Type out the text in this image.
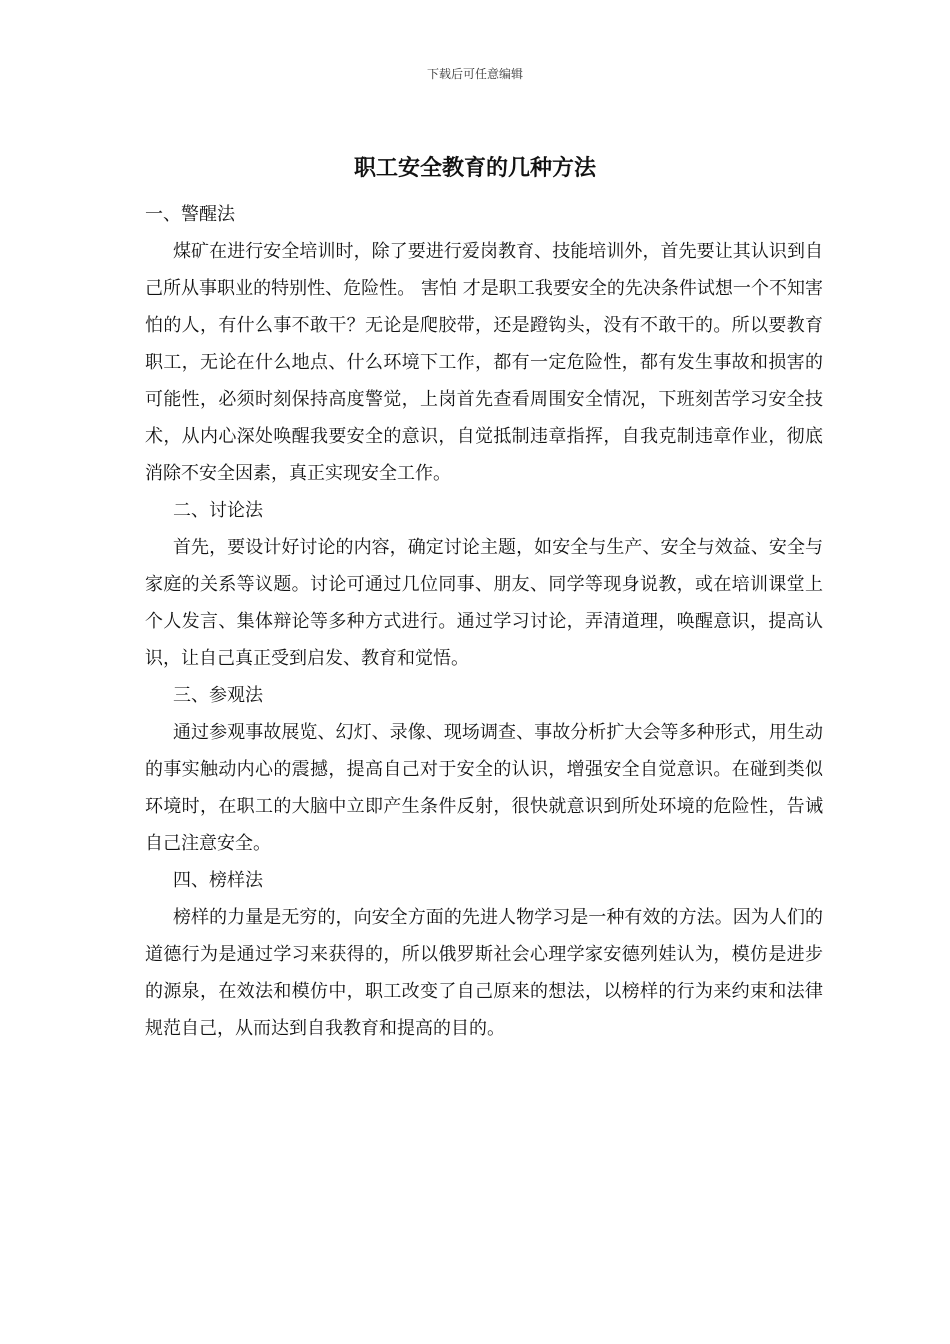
下载后可任意编辑
职工安全教育的几种方法

一、警醒法

煤矿在进行安全培训时，除了要进行爱岗教育、技能培训外，首先要让其认识到自己所从事职业的特别性、危险性。 害怕 才是职工我要安全的先决条件试想一个不知害怕的人，有什么事不敢干？无论是爬胶带，还是蹬钩头，没有不敢干的。所以要教育职工，无论在什么地点、什么环境下工作，都有一定危险性，都有发生事故和损害的可能性，必须时刻保持高度警觉，上岗首先查看周围安全情况，下班刻苦学习安全技术，从内心深处唤醒我要安全的意识，自觉抵制违章指挥，自我克制违章作业，彻底消除不安全因素，真正实现安全工作。

二、讨论法

首先，要设计好讨论的内容，确定讨论主题，如安全与生产、安全与效益、安全与家庭的关系等议题。讨论可通过几位同事、朋友、同学等现身说教，或在培训课堂上个人发言、集体辩论等多种方式进行。通过学习讨论，弄清道理，唤醒意识，提高认识，让自己真正受到启发、教育和觉悟。

三、参观法

通过参观事故展览、幻灯、录像、现场调查、事故分析扩大会等多种形式，用生动的事实触动内心的震撼，提高自己对于安全的认识，增强安全自觉意识。在碰到类似环境时，在职工的大脑中立即产生条件反射，很快就意识到所处环境的危险性，告诫自己注意安全。

四、榜样法

榜样的力量是无穷的，向安全方面的先进人物学习是一种有效的方法。因为人们的道德行为是通过学习来获得的，所以俄罗斯社会心理学家安德列娃认为，模仿是进步的源泉，在效法和模仿中，职工改变了自己原来的想法，以榜样的行为来约束和法律规范自己，从而达到自我教育和提高的目的。
